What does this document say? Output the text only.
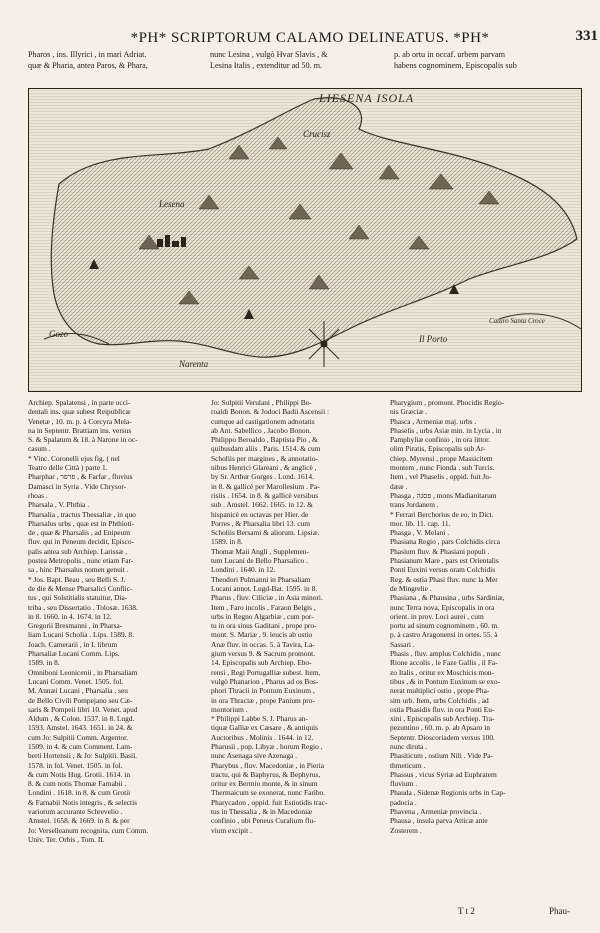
*PH* SCRIPTORUM CALAMO DELINEATUS. *PH*	331
Pharos , ins. Illyrici , in mari Adriat.
quæ & Pharia, antea Paros, & Phara,
nunc Lesina , vulgò Hvar Slavis , &
Lesina Italis , extenditur ad 50. m.
p. ab ortu in occaf. urbem parvam
habens cognominem, Episcopalis sub
LIESENA ISOLA
Crucisz
Lesena
Gozo
Narenta
Il Porto
Cataro Santa Croce
Archiep. Spalatensi , in parte occi-
dentali ins. quæ subest Reipublicæ
Venetæ , 10. m. p. à Corcyra Mela-
na in Septentr. Brattiam ins. versus
S. & Spalatum & 18. à Narone in oc-
casum .
* Vinc. Coronelli ejus fig. ( nel
Teatro delle Città ) parte 1.
Pharphar , פרפר , & Farfar , fluvius
Damasci in Syria . Vide Chrysor-
rhoas .
Pharsala , V. Phthia .
Pharsalia , tractus Thessaliæ , in quo
Pharsalus urbs , quæ est in Phthioti-
de , quæ & Pharsalis , ad Enipeum
fluv. qui in Peneum decidit, Episco-
palis antea sub Archiep. Larissæ ,
postea Metropolis , nunc etiam Far-
sa , hinc Pharsalus nomen genuit .
* Jos. Bapt. Beau , seu Belli S. J.
de die & Mense Pharsalici Conflic-
tus , qui Solstitialis statuitur, Dia-
triba , seu Dissertatio . Tolosæ. 1638.
in 8. 1660. in 4. 1674. in 12.
Gregorii Bresmanni , in Pharsa-
liam Lucani Scholia . Lips. 1589. 8.
Joach. Camerarii , in I. librum
Pharsaliæ Lucani Comm. Lips.
1589. in 8.
Omniboni Leonicenii , in Pharsaliam
Lucani Comm. Venet. 1505. fol.
M. Annæi Lucani , Pharsalia , seu
de Bello Civili Pompejano seu Cæ-
saris & Pompeii libri 10. Venet. apud
Aldum , & Colon. 1537. in 8. Lugd.
1593. Amstel. 1643. 1651. in 24. &
cum Jo: Sulpitii Comm. Argentor.
1509. in 4. & cum Comment. Lam-
berti Hortensii , & Jo: Sulpitii. Basil.
1578. in fol. Venet. 1505. in fol.
& cum Notis Hug. Grotii. 1614. in
8. & cum notis Thomæ Farnabii .
Londini . 1618. in 8. & cum Grotii
& Farnabii Notis integris , & selectis
variorum accurante Schrevelio .
Amstel. 1658. & 1669. in 8. & per
Jo: Verselleanum recognita, cum Comm.
Univ. Ter. Orbis , Tom. II.
Jo: Sulpitii Verulani , Philippi Be-
roaldi Bonon. & Jodoci Badii Ascensii :
cumque ad castigationem adnotatis
ab Ant. Sabellico , Jacobo Bonon.
Philippo Beroaldo , Baptista Pio , &
quibusdam aliis . Paris. 1514. & cum
Scholiis per margines , & annotatio-
nibus Henrici Glareani , & anglicè ,
by Sr. Arthur Gorges . Lond. 1614.
in 8. & gallicè per Marollesium . Pa-
risiis . 1654. in 8. & gallicè versibus
sub . Amstel. 1662. 1665. in 12. &
hispanicè en octavas per Hier. de
Porres , & Pharsalia libri 13. cum
Scholiis Bersami & aliorum. Lipsiæ.
1589. in 8.
Thomæ Maii Angli , Supplemen-
tum Lucani de Bello Pharsalico .
Londini . 1640. in 12.
Theodori Pulmanni in Pharsaliam
Lucani annot. Lugd-Bat. 1595. in 8.
Pharus , fluv. Ciliciæ , in Asia minori.
Item , Faro incolis , Faraon Belgis ,
urbs in Regno Algarbiæ , cum por-
tu in ora sinus Gaditani , prope pro-
mont. S. Mariæ , 9. leucis ab ostio
Anæ fluv. in occas. 5. à Tavira, La-
gium versus 9. & Sacrum promont.
14. Episcopalis sub Archiep. Ebo-
rensi , Regi Portugalliæ subest. Item,
vulgò Phanarion , Pharus ad os Bos-
phori Thracii in Pontum Euxinum ,
in ora Thraciæ , prope Panium pro-
montorium .
* Philippi Labbe S. J. Pharus an-
tiquæ Galliæ ex Cæsare , & antiquis
Auctoribus . Molinis . 1644. in 12.
Pharusii , pop. Libyæ , horum Regio ,
nunc Asenaga sive Azenaga .
Pharybus , fluv. Macedoniæ , in Pieria
tractu, qui & Baphyrus, & Bephyrus,
oritur ex Bermio monte, & in sinum
Thermaicum se exonerat, nunc Faribo.
Pharycadon , oppid. fuit Estiotidis trac-
tus in Thessalia , & in Macedoniæ
confinio , ubi Peneus Curalium flu-
vium excipit .
Pharygium , promont. Phocidis Regio-
nis Græciæ .
Phasca , Armeniæ maj. urbs .
Phaselis , urbs Asiæ min. in Lycia , in
Pamphyliæ confinio , in ora littor.
olim Piratis, Episcopalis sub Ar-
chiep. Myrensi , prope Massicitem
montem , nunc Fionda , sub Turcis.
Item , vel Phaselis , oppid. fuit Ju-
dææ .
Phasga , פסגה , mons Madianitarum
trans Jordanem .
* Ferrari Berchorius de eo, in Dict.
mor. lib. 11. cap. 11.
Phasga , V. Melani .
Phasiana Regio , pars Colchidis circa
Phasium fluv. & Phasiani populi .
Phasianum Mare , pars est Orientalis
Ponti Euxini versus oram Colchidis
Reg. & ostia Phasi fluv. nunc la Mer
de Mingrelie .
Phasiana , & Phausina , urbs Sardiniæ,
nunc Terra nova, Episcopalis in ora
orient. in prov. Loci aurei , cum
portu ad sinum cognominem , 60. m.
p. à castro Aragonensi in ortes. 55. à
Sassari .
Phasis , fluv. amplus Colchidis , nunc
Rione accolis , le Faze Gallis , il Fa-
zo Italis , oritur ex Moschicis mon-
tibus , & in Pontum Euxinum se exo-
nerat multiplici ostio , prope Pha-
sim urb. Item, urbs Colchidis , ad
ostia Phasidis fluv. in ora Ponti Eu-
xini , Episcopalis sub Archiep. Tra-
pezuntino , 60. m. p. ab Apsaro in
Septentr. Dioscoriadem versus 100.
nunc diruta .
Phasiticum , ostium Nili . Vide Pa-
thmeticum .
Phassus , vicus Syriæ ad Euphratem
fluvium .
Phauda , Sidenæ Regionis urbs in Cap-
padocia .
Phavena , Armeniæ provincia .
Phausa , insula parva Atticæ ante
Zosterem .
T t 2	Phau-
